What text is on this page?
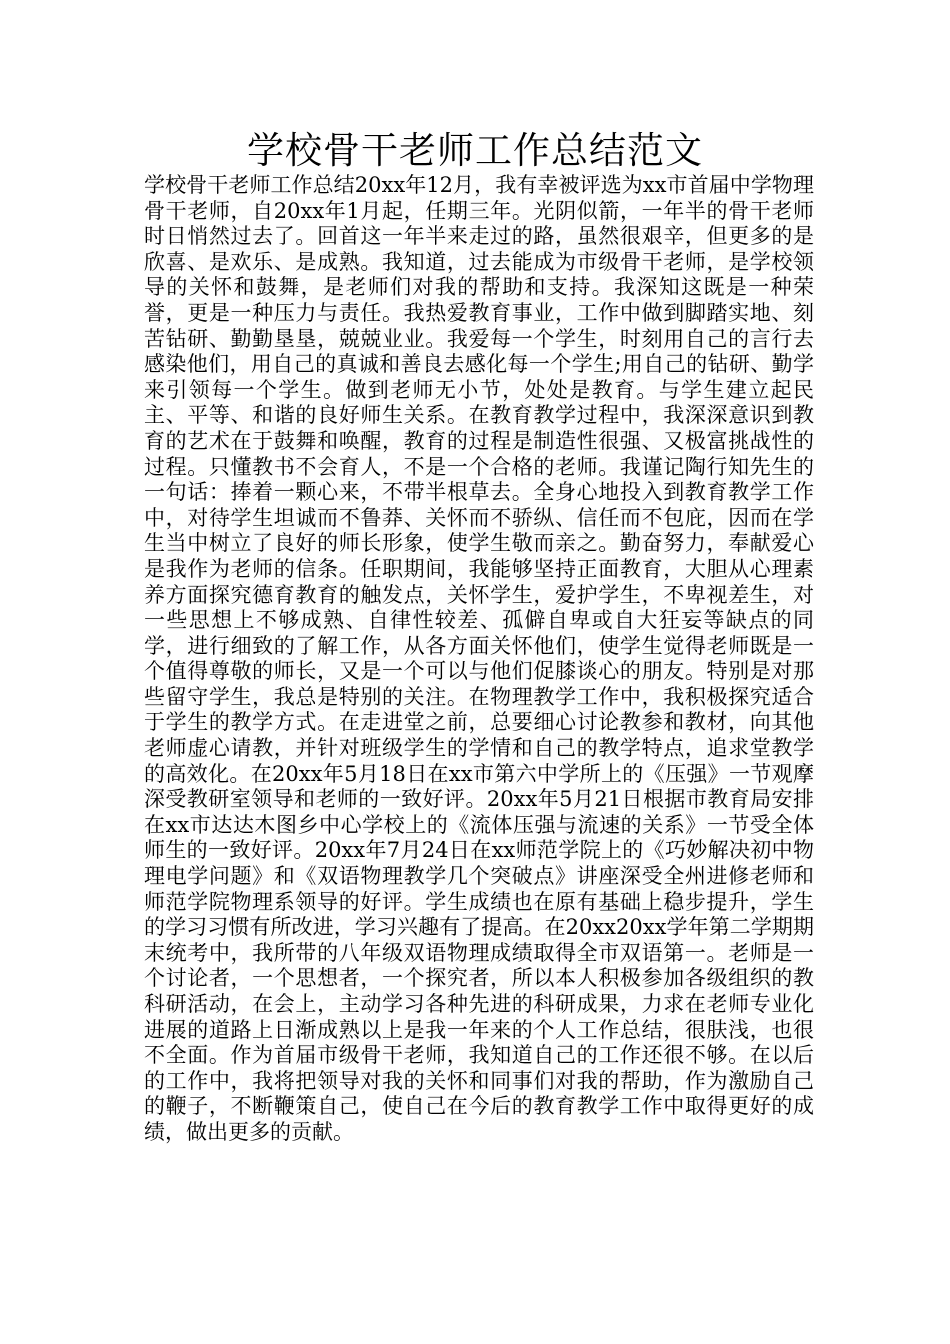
学校骨干老师工作总结范文

学校骨干老师工作总结20xx年12月，我有幸被评选为xx市首届中学物理骨干老师，自20xx年1月起，任期三年。光阴似箭，一年半的骨干老师时日悄然过去了。回首这一年半来走过的路，虽然很艰辛，但更多的是欣喜、是欢乐、是成熟。我知道，过去能成为市级骨干老师，是学校领导的关怀和鼓舞，是老师们对我的帮助和支持。我深知这既是一种荣誉，更是一种压力与责任。我热爱教育事业，工作中做到脚踏实地、刻苦钻研、勤勤垦垦，兢兢业业。我爱每一个学生，时刻用自己的言行去感染他们，用自己的真诚和善良去感化每一个学生;用自己的钻研、勤学来引领每一个学生。做到老师无小节，处处是教育。与学生建立起民主、平等、和谐的良好师生关系。在教育教学过程中，我深深意识到教育的艺术在于鼓舞和唤醒，教育的过程是制造性很强、又极富挑战性的过程。只懂教书不会育人，不是一个合格的老师。我谨记陶行知先生的一句话：捧着一颗心来，不带半根草去。全身心地投入到教育教学工作中，对待学生坦诚而不鲁莽、关怀而不骄纵、信任而不包庇，因而在学生当中树立了良好的师长形象，使学生敬而亲之。勤奋努力，奉献爱心是我作为老师的信条。任职期间，我能够坚持正面教育，大胆从心理素养方面探究德育教育的触发点，关怀学生，爱护学生，不卑视差生，对一些思想上不够成熟、自律性较差、孤僻自卑或自大狂妄等缺点的同学，进行细致的了解工作，从各方面关怀他们，使学生觉得老师既是一个值得尊敬的师长，又是一个可以与他们促膝谈心的朋友。特别是对那些留守学生，我总是特别的关注。在物理教学工作中，我积极探究适合于学生的教学方式。在走进堂之前，总要细心讨论教参和教材，向其他老师虚心请教，并针对班级学生的学情和自己的教学特点，追求堂教学的高效化。在20xx年5月18日在xx市第六中学所上的《压强》一节观摩深受教研室领导和老师的一致好评。20xx年5月21日根据市教育局安排在xx市达达木图乡中心学校上的《流体压强与流速的关系》一节受全体师生的一致好评。20xx年7月24日在xx师范学院上的《巧妙解决初中物理电学问题》和《双语物理教学几个突破点》讲座深受全州进修老师和师范学院物理系领导的好评。学生成绩也在原有基础上稳步提升，学生的学习习惯有所改进，学习兴趣有了提高。在20xx20xx学年第二学期期末统考中，我所带的八年级双语物理成绩取得全市双语第一。老师是一个讨论者，一个思想者，一个探究者，所以本人积极参加各级组织的教科研活动，在会上，主动学习各种先进的科研成果，力求在老师专业化进展的道路上日渐成熟以上是我一年来的个人工作总结，很肤浅，也很不全面。作为首届市级骨干老师，我知道自己的工作还很不够。在以后的工作中，我将把领导对我的关怀和同事们对我的帮助，作为激励自己的鞭子，不断鞭策自己，使自己在今后的教育教学工作中取得更好的成绩，做出更多的贡献。
